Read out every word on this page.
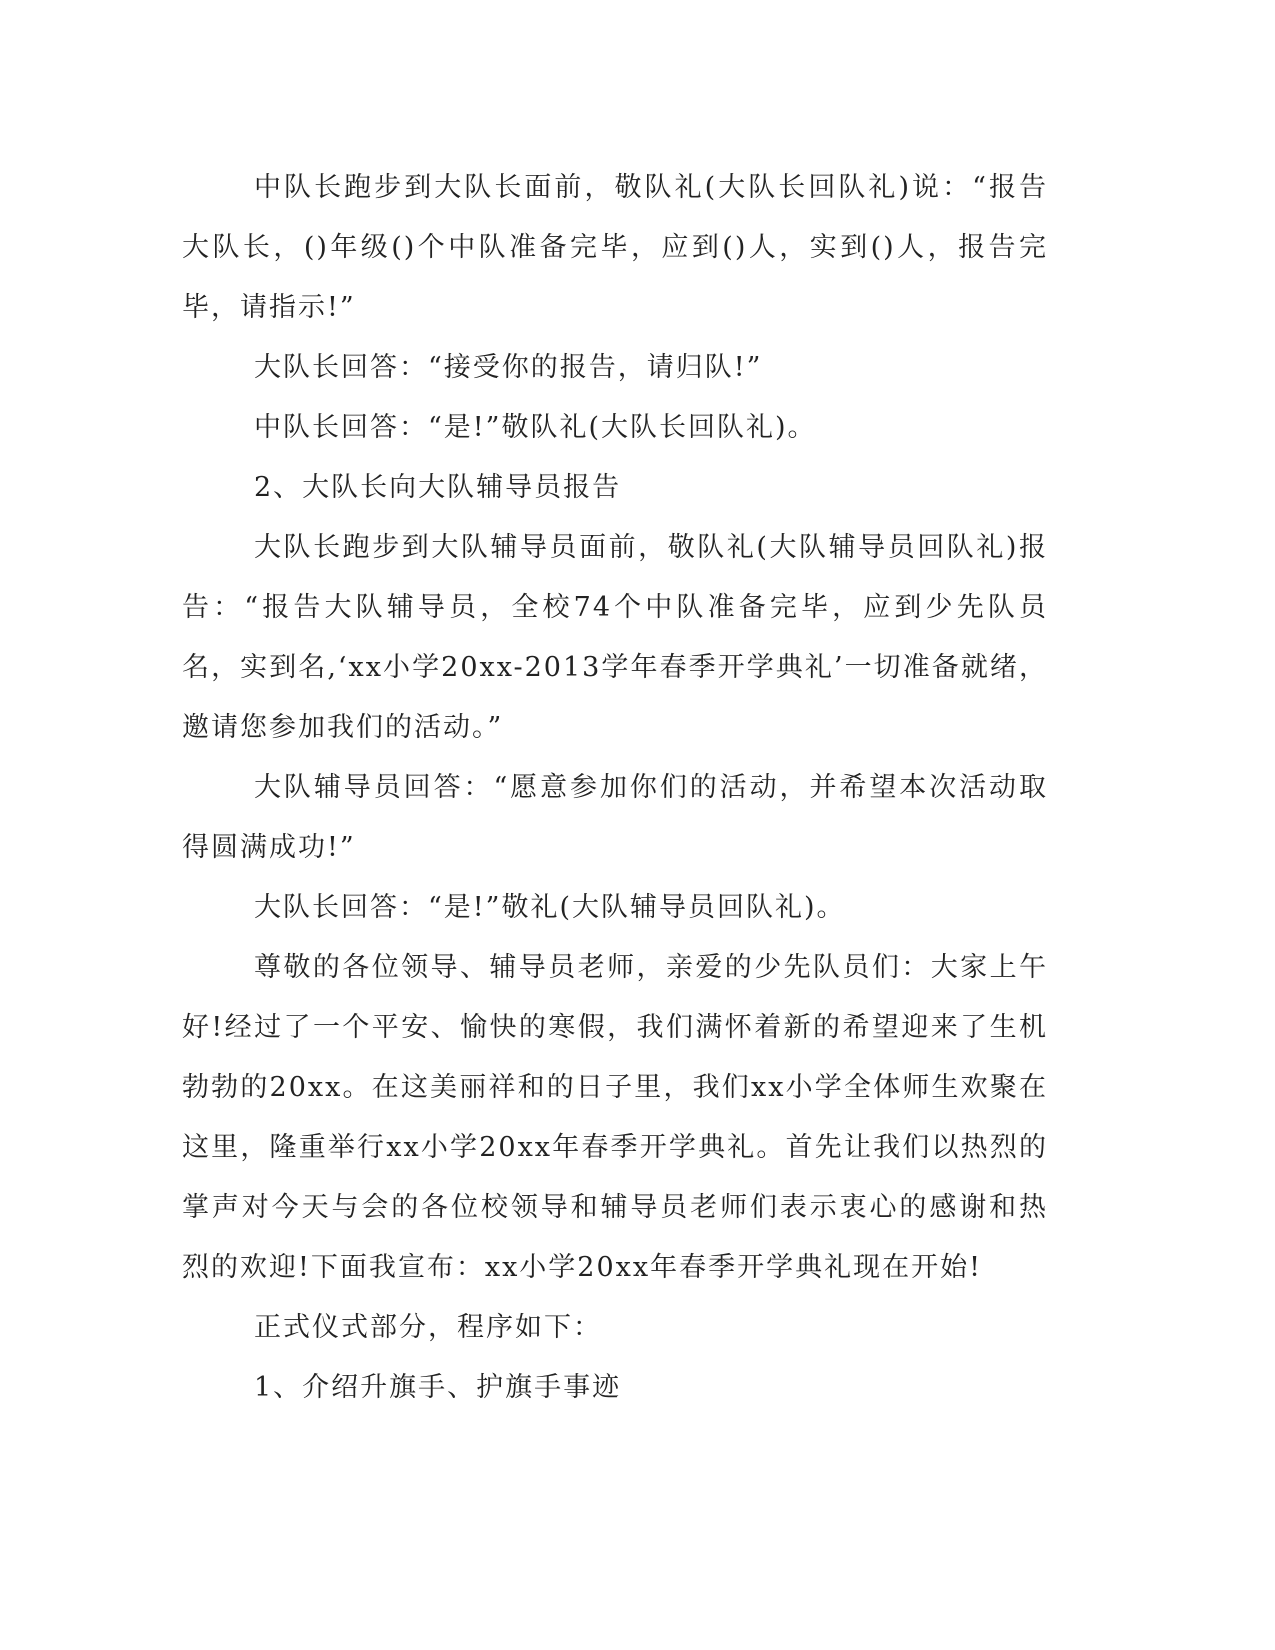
中队长跑步到大队长面前，敬队礼(大队长回队礼)说：“报告大队长，()年级()个中队准备完毕，应到()人，实到()人，报告完毕，请指示!”

大队长回答：“接受你的报告，请归队!”

中队长回答：“是!”敬队礼(大队长回队礼)。

2、大队长向大队辅导员报告

大队长跑步到大队辅导员面前，敬队礼(大队辅导员回队礼)报告：“报告大队辅导员，全校74个中队准备完毕，应到少先队员 名，实到名,‘xx小学20xx-2013学年春季开学典礼’一切准备就绪，邀请您参加我们的活动。”

大队辅导员回答：“愿意参加你们的活动，并希望本次活动取得圆满成功!”

大队长回答：“是!”敬礼(大队辅导员回队礼)。

尊敬的各位领导、辅导员老师，亲爱的少先队员们：大家上午好!经过了一个平安、愉快的寒假，我们满怀着新的希望迎来了生机勃勃的20xx。在这美丽祥和的日子里，我们xx小学全体师生欢聚在这里，隆重举行xx小学20xx年春季开学典礼。首先让我们以热烈的掌声对今天与会的各位校领导和辅导员老师们表示衷心的感谢和热烈的欢迎!下面我宣布：xx小学20xx年春季开学典礼现在开始!

正式仪式部分，程序如下：

1、介绍升旗手、护旗手事迹
